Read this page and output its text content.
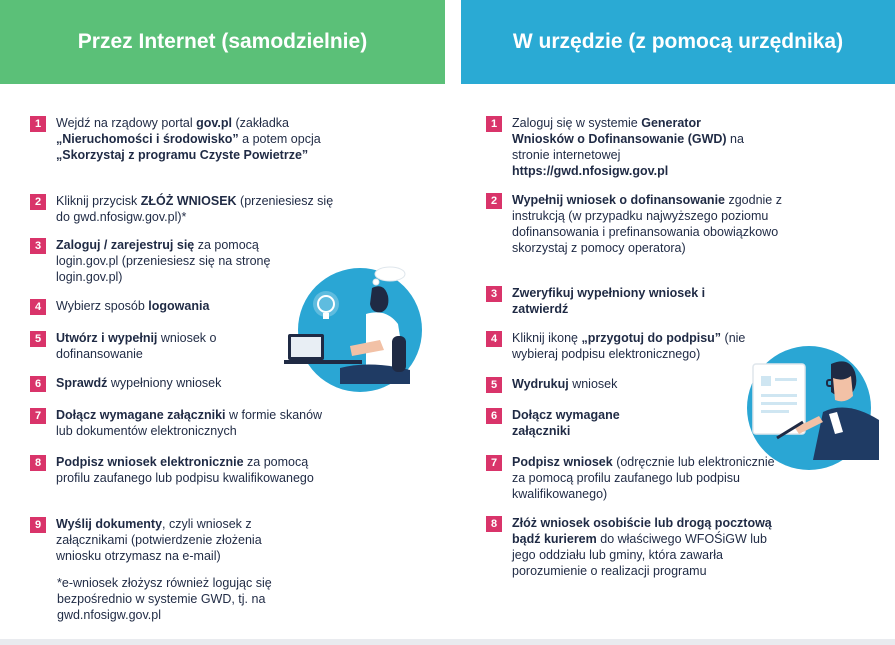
Przez Internet (samodzielnie)	W urzędzie (z pomocą urzędnika)
1	Wejdź na rządowy portal gov.pl (zakładka „Nieruchomości i środowisko” a potem opcja „Skorzystaj z programu Czyste Powietrze”
2	Kliknij przycisk ZŁÓŻ WNIOSEK (przeniesiesz się do gwd.nfosigw.gov.pl)*
3	Zaloguj / zarejestruj się za pomocą login.gov.pl (przeniesiesz się na stronę login.gov.pl)
4	Wybierz sposób logowania
5	Utwórz i wypełnij wniosek o dofinansowanie
6	Sprawdź wypełniony wniosek
7	Dołącz wymagane załączniki w formie skanów lub dokumentów elektronicznych
8	Podpisz wniosek elektronicznie za pomocą profilu zaufanego lub podpisu kwalifikowanego
9	Wyślij dokumenty, czyli wniosek z załącznikami (potwierdzenie złożenia wniosku otrzymasz na e-mail)
*e-wniosek złożysz również logując się bezpośrednio w systemie GWD, tj. na gwd.nfosigw.gov.pl
1	Zaloguj się w systemie Generator Wniosków o Dofinansowanie (GWD) na stronie internetowej https://gwd.nfosigw.gov.pl
2	Wypełnij wniosek o dofinansowanie zgodnie z instrukcją (w przypadku najwyższego poziomu dofinansowania i prefinansowania obowiązkowo skorzystaj z pomocy operatora)
3	Zweryfikuj wypełniony wniosek i zatwierdź
4	Kliknij ikonę „przygotuj do podpisu” (nie wybieraj podpisu elektronicznego)
5	Wydrukuj wniosek
6	Dołącz wymagane załączniki
7	Podpisz wniosek (odręcznie lub elektronicznie za pomocą profilu zaufanego lub podpisu kwalifikowanego)
8	Złóż wniosek osobiście lub drogą pocztową bądź kurierem do właściwego WFOŚiGW lub jego oddziału lub gminy, która zawarła porozumienie o realizacji programu
